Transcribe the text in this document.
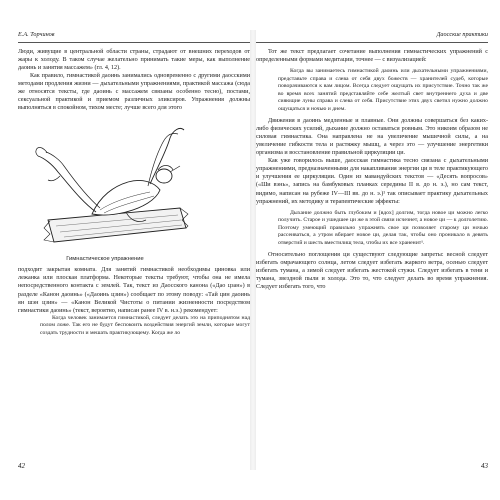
Е.А. Торчинов

Люди, живущие в центральной области страны, страдают от внешних переходов от жары к холоду. В таком случае желательно принимать такие меры, как выполнение даоинь и занятия массажем» (гл. 4, 12).

Как правило, гимнастикой даоинь занимались одновременно с другими даосскими методами продления жизни — дыхательными упражнениями, практикой массажа (сюда же относятся тексты, где даоинь с массажем связаны особенно тесно), постами, сексуальной практикой и приемом различных эликсиров. Упражнения должны выполняться в спокойном, тихом месте; лучше всего для этого

Гимнастическое упражнение

подходит закрытая комната. Для занятий гимнастикой необходимы циновка или лежанка или плоская платформа. Некоторые тексты требуют, чтобы она не имела непосредственного контакта с землей. Так, текст из Даосского канона («Дао цзан») в разделе «Канон даоинь» («Даоинь цзин») сообщает по этому поводу: «Тай цин даоинь ян шэн цзин» — «Канон Великой Чистоты о питании жизненности посредством гимнастики даоинь» (текст, вероятно, написан ранее IV в. н.э.) рекомендует:

Когда человек занимается гимнастикой, следует делать это на приподнятом над полом ложе. Так его не будут беспокоить воздействия энергий земли, которые могут создать трудности и мешать практикующему. Когда же ло

42
Даосские практики

Тот же текст предлагает сочетание выполнения гимнастических упражнений с определенными формами медитации, точнее — с визуализацией:

Когда вы занимаетесь гимнастикой даоинь или дыхательными упражнениями, представьте справа и слева от себя двух божеств — хранителей судеб, которые поворачиваются к вам лицом. Всегда следует ощущать их присутствие. Точно так же во время всех занятий представляйте себе желтый свет внутреннего духа и две сияющие луны справа и слева от себя. Присутствие этих двух светил нужно должно ощущаться и ночью и днем.

Движения в даоинь медленные и плавные. Они должны совершаться без каких-либо физических усилий, дыхание должно оставаться ровным. Это никоим образом не силовая гимнастика. Она направлена не на увеличение мышечной силы, а на увеличение гибкости тела и растяжку мышц, а через это — улучшение энергетики организма и восстановление правильной циркуляции ци.

Как уже говорилось выше, даосская гимнастика тесно связана с дыхательными упражнениями, предназначенными для накапливания энергии ци в теле практикующего и улучшения ее циркуляции. Один из мавандуйских текстов — «Десять вопросов» («Ши вэнь», запись на бамбуковых планках середины II в. до н. э.), но сам текст, видимо, написан на рубеже IV—III вв. до н. э.)¹ так описывает практику дыхательных упражнений, их методику и терапевтические эффекты:

Дыхание должно быть глубоким и [вдох] долгим, тогда новое ци можно легко получить. Старое и ушедшее ци же в этой связи исчезнет, а новое ци — к долголетию. Поэтому умеющий правильно упражнять свое ци позволяет старому ци ночью рассеиваться, а утром вбирает новое ци, делая так, чтобы оно проникало в девять отверстий и шесть вместилищ тела, чтобы их все храненит¹.

Относительно поглощения ци существуют следующие запреты: весной следует избегать омрачающего солнца, летом следует избегать жаркого ветра, осенью следует избегать тумана, а зимой следует избегать жестокой стужи. Следует избегать в тени и тумана, звездной пыли и холода. Это то, что следует делать во время упражнения. Следует избегать того, что

43
